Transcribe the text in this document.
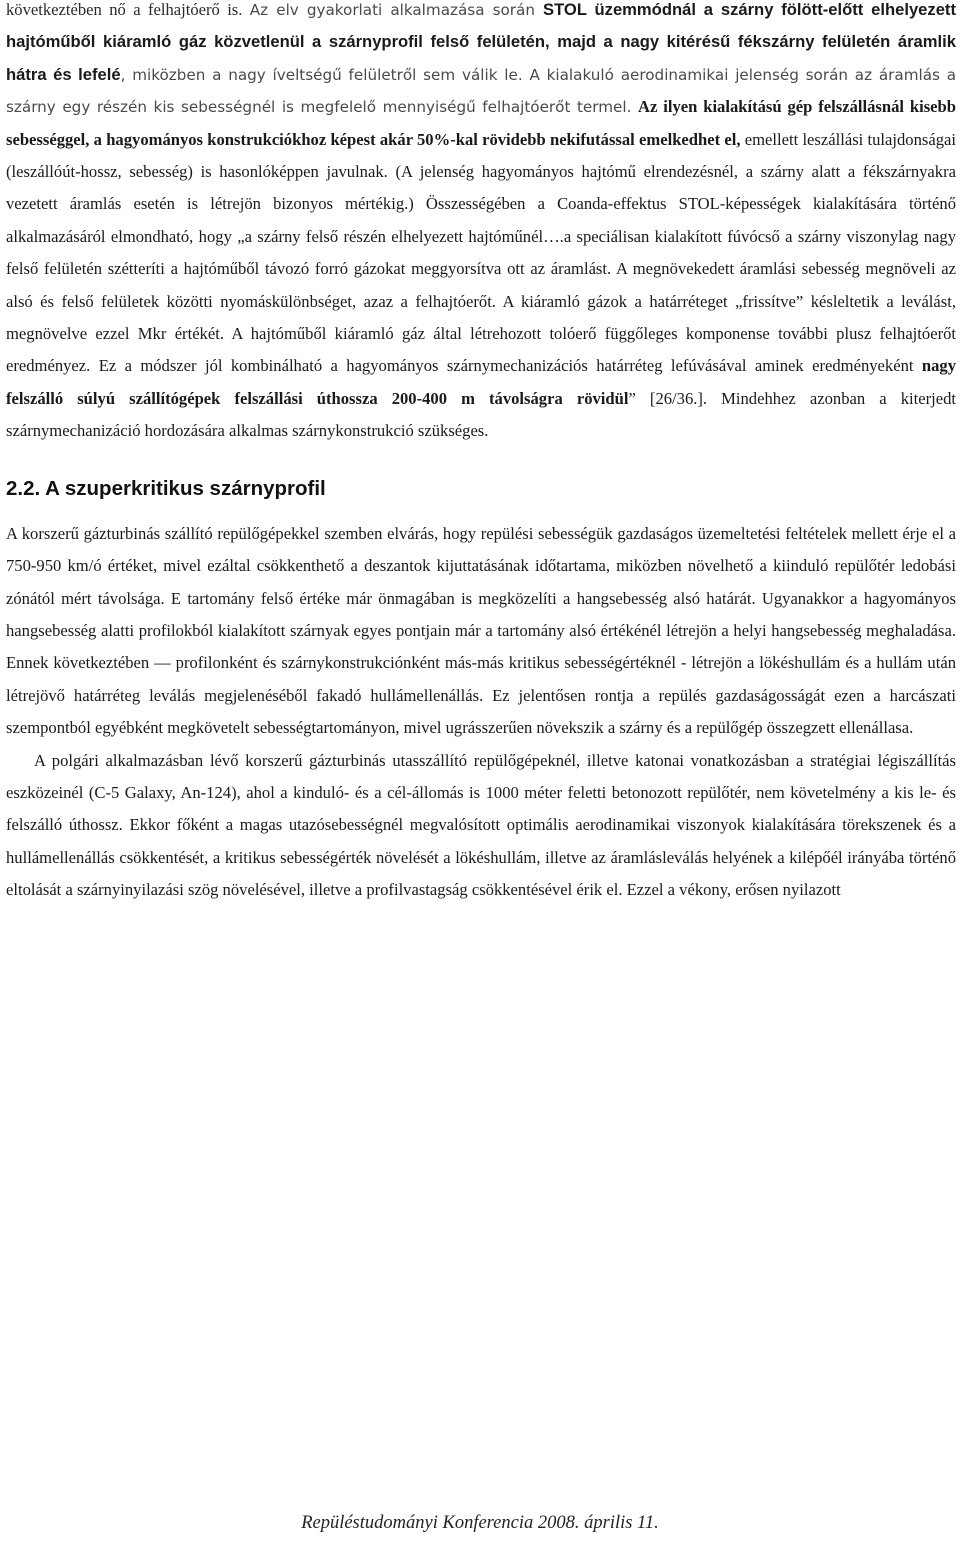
következtében nő a felhajtóerő is. Az elv gyakorlati alkalmazása során STOL üzemmódnál a szárny fölött-előtt elhelyezett hajtóműből kiáramló gáz közvetlenül a szárnyprofil felső felületén, majd a nagy kitérésű fékszárny felületén áramlik hátra és lefelé, miközben a nagy íveltségű felületről sem válik le. A kialakuló aerodinamikai jelenség során az áramlás a szárny egy részén kis sebességnél is megfelelő mennyiségű felhajtóerőt termel. Az ilyen kialakítású gép felszállásnál kisebb sebességgel, a hagyományos konstrukciókhoz képest akár 50%-kal rövidebb nekifutással emelkedhet el, emellett leszállási tulajdonságai (leszállóút-hossz, sebesség) is hasonlóképpen javulnak. (A jelenség hagyományos hajtómű elrendezésnél, a szárny alatt a fékszárnyakra vezetett áramlás esetén is létrejön bizonyos mértékig.) Összességében a Coanda-effektus STOL-képességek kialakítására történő alkalmazásáról elmondható, hogy „a szárny felső részén elhelyezett hajtóműnél….a speciálisan kialakított fúvócső a szárny viszonylag nagy felső felületén szétteríti a hajtóműből távozó forró gázokat meggyorsítva ott az áramlást. A megnövekedett áramlási sebesség megnöveli az alsó és felső felületek közötti nyomáskülönbséget, azaz a felhajtóerőt. A kiáramló gázok a határréteget „frissítve” késleltetik a leválást, megnövelve ezzel Mkr értékét. A hajtóműből kiáramló gáz által létrehozott tolóerő függőleges komponense további plusz felhajtóerőt eredményez. Ez a módszer jól kombinálható a hagyományos szárnymechanizációs határréteg lefúvásával aminek eredményeként nagy felszálló súlyú szállítógépek felszállási úthossza 200-400 m távolságra rövidül” [26/36.]. Mindehhez azonban a kiterjedt szárnymechanizáció hordozására alkalmas szárnykonstrukció szükséges.

2.2. A szuperkritikus szárnyprofil

A korszerű gázturbinás szállító repülőgépekkel szemben elvárás, hogy repülési sebességük gazdaságos üzemeltetési feltételek mellett érje el a 750-950 km/ó értéket, mivel ezáltal csökkenthető a deszantok kijuttatásának időtartama, miközben növelhető a kiinduló repülőtér ledobási zónától mért távolsága. E tartomány felső értéke már önmagában is megközelíti a hangsebesség alsó határát. Ugyanakkor a hagyományos hangsebesség alatti profilokból kialakított szárnyak egyes pontjain már a tartomány alsó értékénél létrejön a helyi hangsebesség meghaladása. Ennek következtében — profilonként és szárnykonstrukciónként más-más kritikus sebességértéknél - létrejön a lökéshullám és a hullám után létrejövő határréteg leválás megjelenéséből fakadó hullámellenállás. Ez jelentősen rontja a repülés gazdaságosságát ezen a harcászati szempontból egyébként megkövetelt sebességtartományon, mivel ugrásszerűen növekszik a szárny és a repülőgép összegzett ellenállasa.

A polgári alkalmazásban lévő korszerű gázturbinás utasszállító repülőgépeknél, illetve katonai vonatkozásban a stratégiai légiszállítás eszközeinél (C-5 Galaxy, An-124), ahol a kinduló- és a cél-állomás is 1000 méter feletti betonozott repülőtér, nem követelmény a kis le- és felszálló úthossz. Ekkor főként a magas utazósebességnél megvalósított optimális aerodinamikai viszonyok kialakítására törekszenek és a hullámellenállás csökkentését, a kritikus sebességérték növelését a lökéshullám, illetve az áramlásleválás helyének a kilépőél irányába történő eltolását a szárnyinyilazási szög növelésével, illetve a profilvastagság csökkentésével érik el. Ezzel a vékony, erősen nyilazott

Repüléstudományi Konferencia 2008. április 11.
